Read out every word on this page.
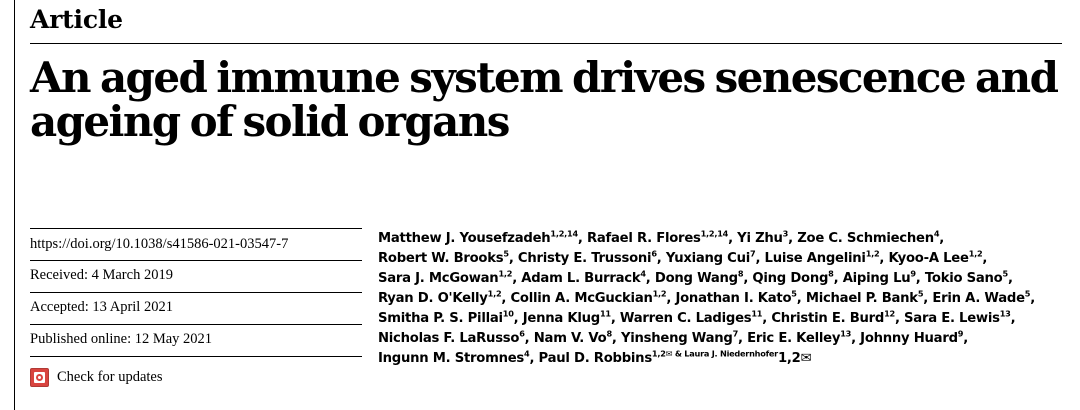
Article
An aged immune system drives senescence and ageing of solid organs
https://doi.org/10.1038/s41586-021-03547-7
Received: 4 March 2019
Accepted: 13 April 2021
Published online: 12 May 2021
Check for updates
Matthew J. Yousefzadeh$^{1,2,14}$, Rafael R. Flores$^{1,2,14}$, Yi Zhu$^3$, Zoe C. Schmiechen$^4$,
Robert W. Brooks$^5$, Christy E. Trussoni$^6$, Yuxiang Cui$^7$, Luise Angelini$^{1,2}$, Kyoo-A Lee$^{1,2}$,
Sara J. McGowan$^{1,2}$, Adam L. Burrack$^4$, Dong Wang$^8$, Qing Dong$^8$, Aiping Lu$^9$, Tokio Sano$^5$,
Ryan D. O'Kelly$^{1,2}$, Collin A. McGuckian$^{1,2}$, Jonathan I. Kato$^5$, Michael P. Bank$^5$, Erin A. Wade$^5$,
Smitha P. S. Pillai$^{10}$, Jenna Klug$^{11}$, Warren C. Ladiges$^{11}$, Christin E. Burd$^{12}$, Sara E. Lewis$^{13}$,
Nicholas F. LaRusso$^6$, Nam V. Vo$^8$, Yinsheng Wang$^7$, Eric E. Kelley$^{13}$, Johnny Huard$^9$,
Ingunn M. Stromnes$^4$, Paul D. Robbins$^{1,2✉ \& Laura J. Niedernhofer}$1,2✉
